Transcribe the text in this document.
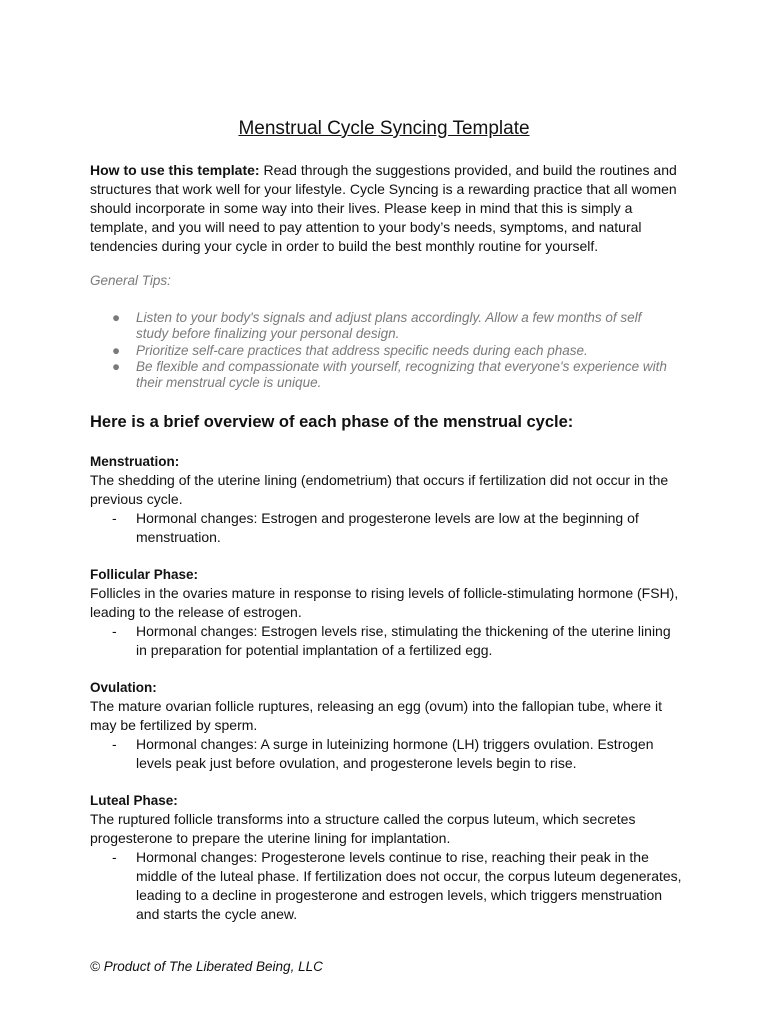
Menstrual Cycle Syncing Template
How to use this template: Read through the suggestions provided, and build the routines and structures that work well for your lifestyle. Cycle Syncing is a rewarding practice that all women should incorporate in some way into their lives. Please keep in mind that this is simply a template, and you will need to pay attention to your body’s needs, symptoms, and natural tendencies during your cycle in order to build the best monthly routine for yourself.
General Tips:
● Listen to your body's signals and adjust plans accordingly. Allow a few months of self study before finalizing your personal design.
● Prioritize self-care practices that address specific needs during each phase.
● Be flexible and compassionate with yourself, recognizing that everyone's experience with their menstrual cycle is unique.
Here is a brief overview of each phase of the menstrual cycle:
Menstruation:
The shedding of the uterine lining (endometrium) that occurs if fertilization did not occur in the previous cycle.
- Hormonal changes: Estrogen and progesterone levels are low at the beginning of menstruation.
Follicular Phase:
Follicles in the ovaries mature in response to rising levels of follicle-stimulating hormone (FSH), leading to the release of estrogen.
- Hormonal changes: Estrogen levels rise, stimulating the thickening of the uterine lining in preparation for potential implantation of a fertilized egg.
Ovulation:
The mature ovarian follicle ruptures, releasing an egg (ovum) into the fallopian tube, where it may be fertilized by sperm.
- Hormonal changes: A surge in luteinizing hormone (LH) triggers ovulation. Estrogen levels peak just before ovulation, and progesterone levels begin to rise.
Luteal Phase:
The ruptured follicle transforms into a structure called the corpus luteum, which secretes progesterone to prepare the uterine lining for implantation.
- Hormonal changes: Progesterone levels continue to rise, reaching their peak in the middle of the luteal phase. If fertilization does not occur, the corpus luteum degenerates, leading to a decline in progesterone and estrogen levels, which triggers menstruation and starts the cycle anew.
© Product of The Liberated Being, LLC
